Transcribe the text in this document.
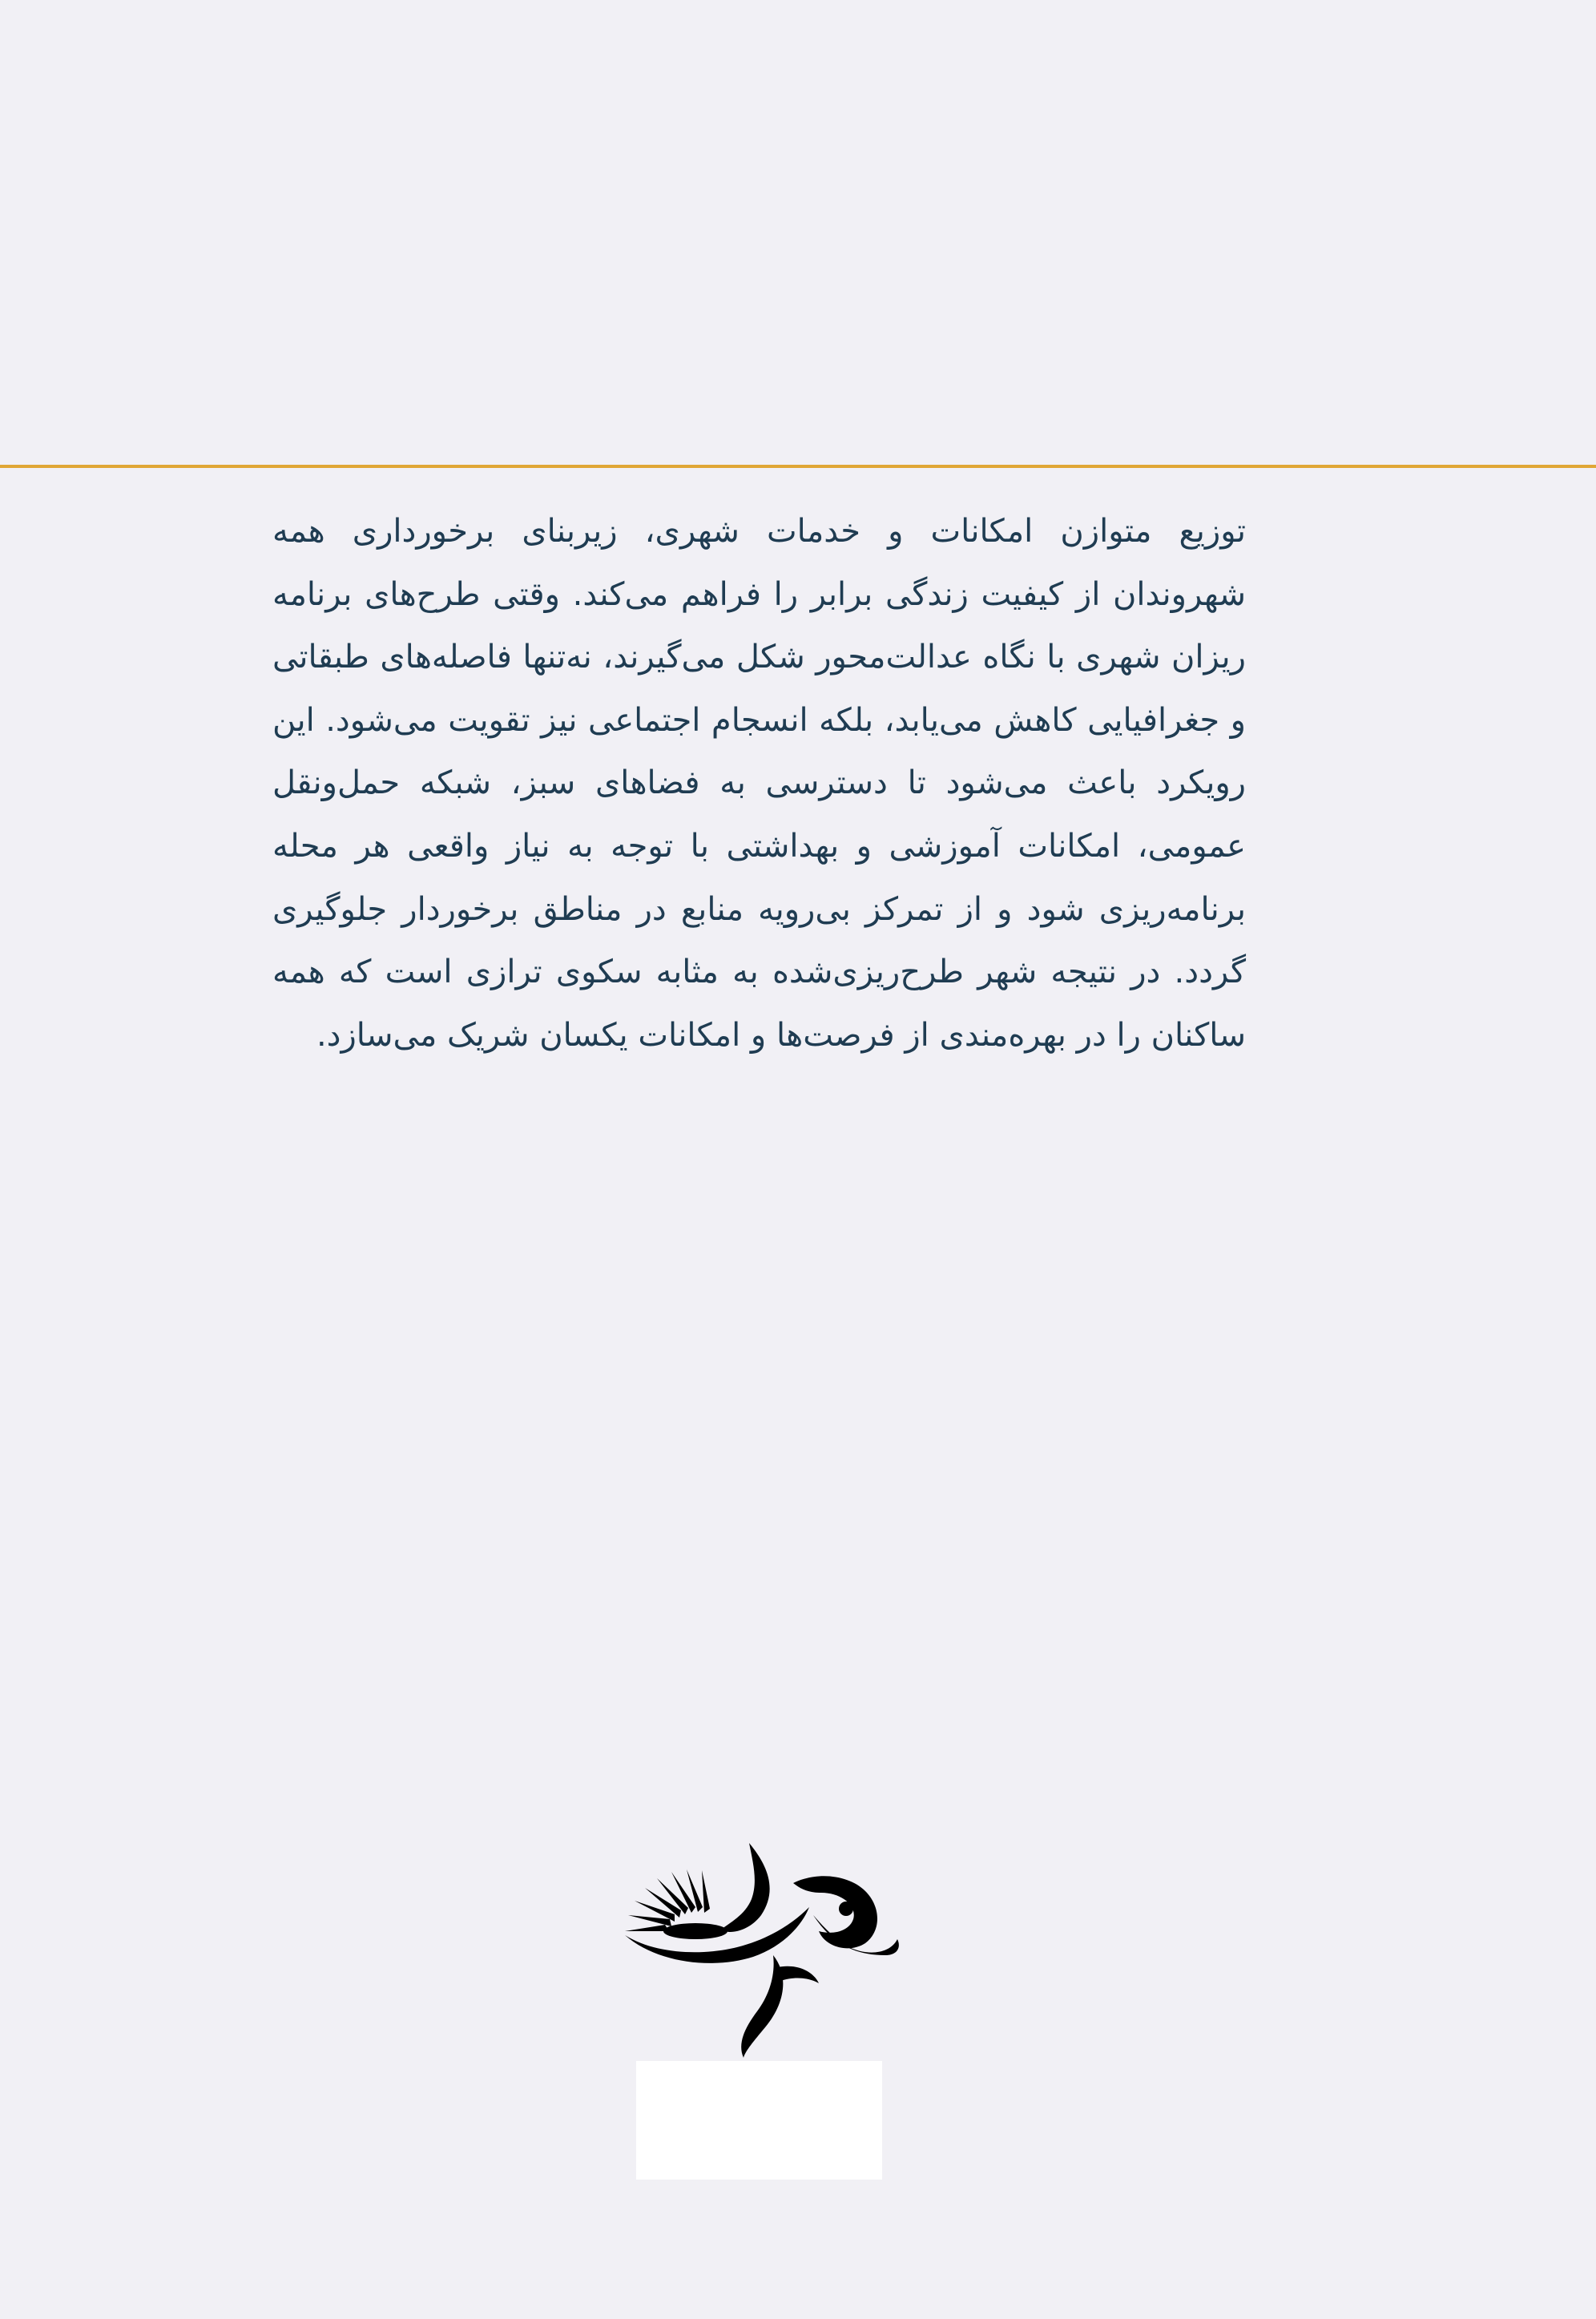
توزیع متوازن امکانات و خدمات شهری، زیربنای برخورداری همه شهروندان از کیفیت زندگی برابر را فراهم می‌کند. وقتی طرح‌های برنامه ریزان شهری با نگاه عدالت‌محور شکل می‌گیرند، نه‌تنها فاصله‌های طبقاتی و جغرافیایی کاهش می‌یابد، بلکه انسجام اجتماعی نیز تقویت می‌شود. این رویکرد باعث می‌شود تا دسترسی به فضاهای سبز، شبکه حمل‌ونقل عمومی، امکانات آموزشی و بهداشتی با توجه به نیاز واقعی هر محله برنامه‌ریزی شود و از تمرکز بی‌رویه منابع در مناطق برخوردار جلوگیری گردد. در نتیجه شهر طرح‌ریزی‌شده به مثابه سکوی ترازی است که همه ساکنان را در بهره‌مندی از فرصت‌ها و امکانات یکسان شریک می‌سازد.
